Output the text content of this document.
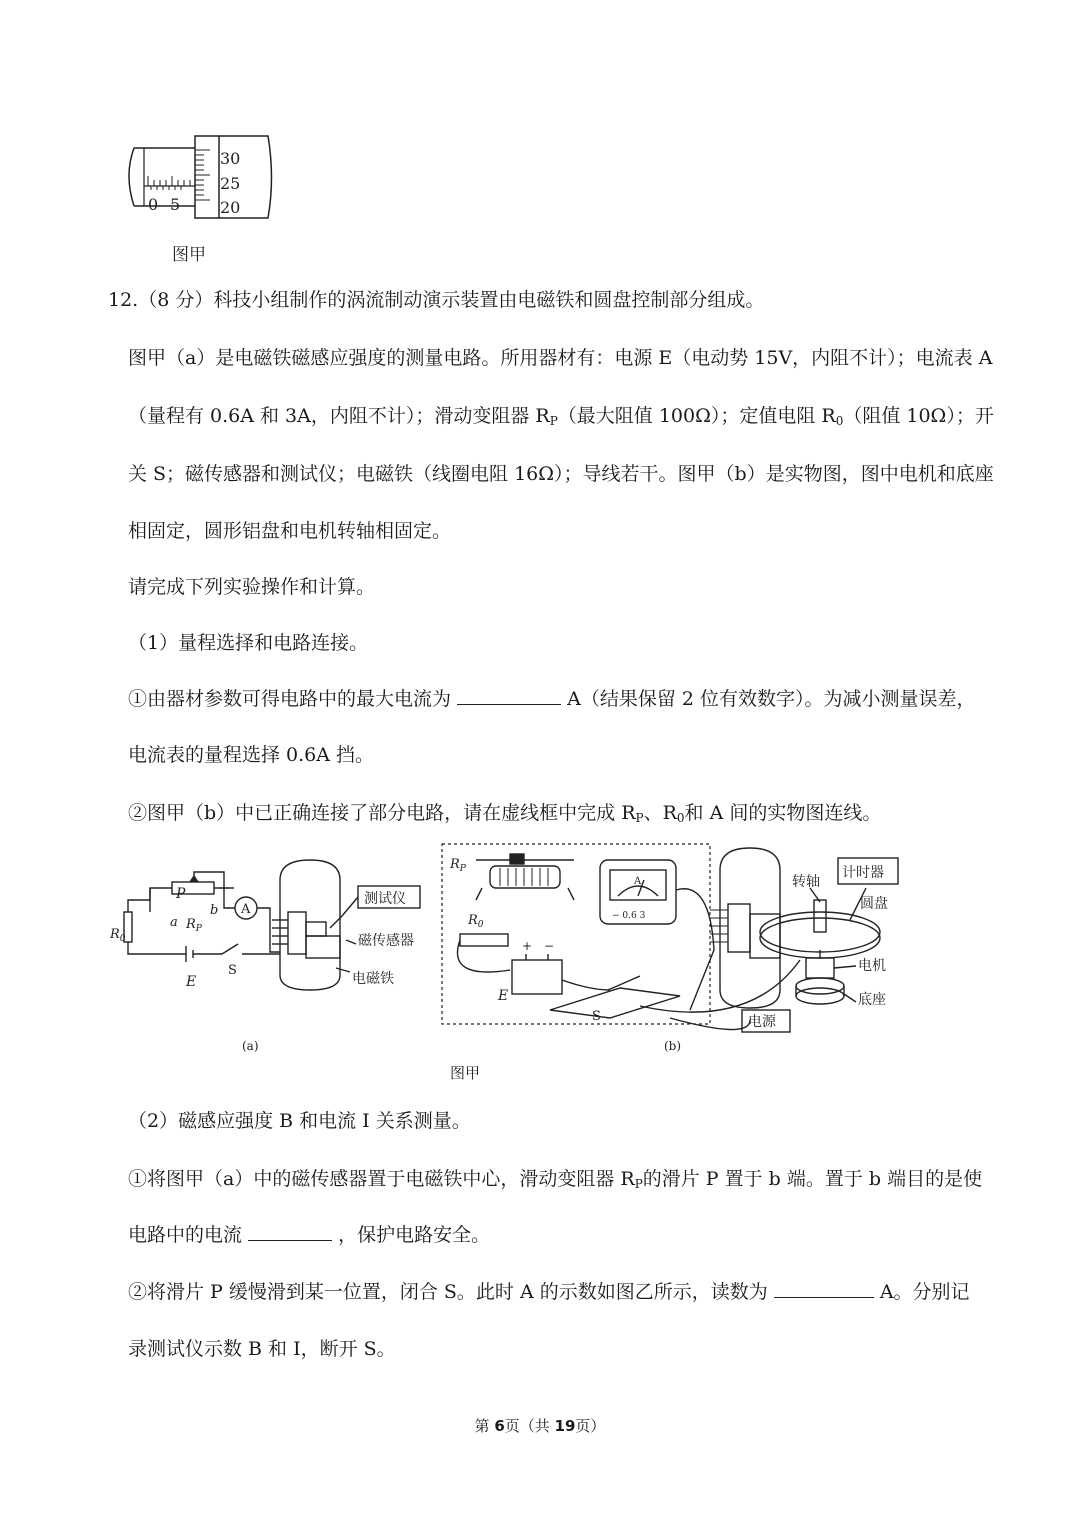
30
25
20
0 5
图甲
12.（8 分）科技小组制作的涡流制动演示装置由电磁铁和圆盘控制部分组成。
图甲（a）是电磁铁磁感应强度的测量电路。所用器材有：电源 E（电动势 15V，内阻不计）；电流表 A
（量程有 0.6A 和 3A，内阻不计）；滑动变阻器 $R_P$（最大阻值 100Ω）；定值电阻 $R_0$（阻值 10Ω）；开
关 S；磁传感器和测试仪；电磁铁（线圈电阻 16Ω）；导线若干。图甲（b）是实物图，图中电机和底座
相固定，圆形铝盘和电机转轴相固定。
请完成下列实验操作和计算。
（1）量程选择和电路连接。
①由器材参数可得电路中的最大电流为	A（结果保留 2 位有效数字）。为减小测量误差，
电流表的量程选择 0.6A 挡。
②图甲（b）中已正确连接了部分电路，请在虚线框中完成 $R_P$、$R_0$和 A 间的实物图连线。
P
A
$R_0$
a $R_P$
b
S
E
测试仪
磁传感器
电磁铁
(a)
$R_P$
$R_0$
+ −
E
S
A
− 0.6 3
转轴
计时器
圆盘
电机
底座
电源
(b)
图甲
（2）磁感应强度 B 和电流 I 关系测量。
①将图甲（a）中的磁传感器置于电磁铁中心，滑动变阻器 $R_P$的滑片 P 置于 b 端。置于 b 端目的是使
电路中的电流	，保护电路安全。
②将滑片 P 缓慢滑到某一位置，闭合 S。此时 A 的示数如图乙所示，读数为	A。分别记
录测试仪示数 B 和 I，断开 S。
第 6页（共 19页）
